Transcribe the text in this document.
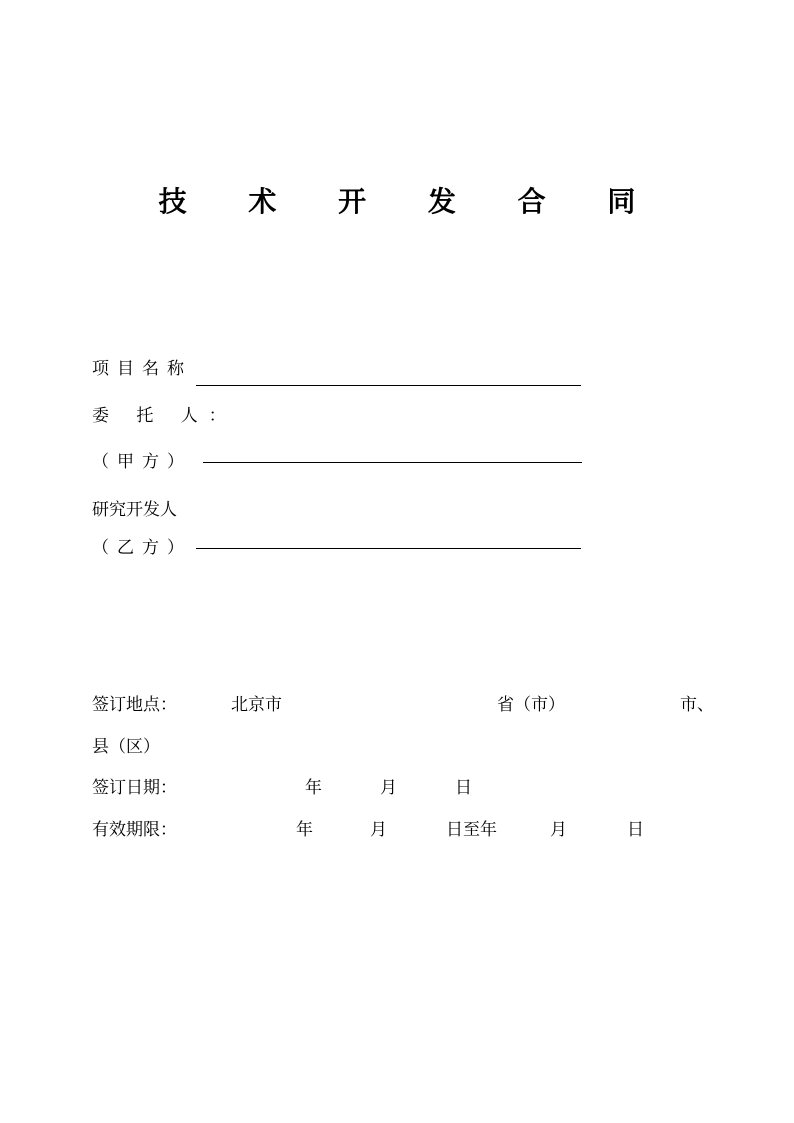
技 术 开 发 合 同
项目名称
委 托 人：
（甲方）
研究开发人
（乙方）
签订地点：	北京市	省（市）	市、
县（区）
签订日期：	年	月	日
有效期限：	年	月	日至年	月	日
